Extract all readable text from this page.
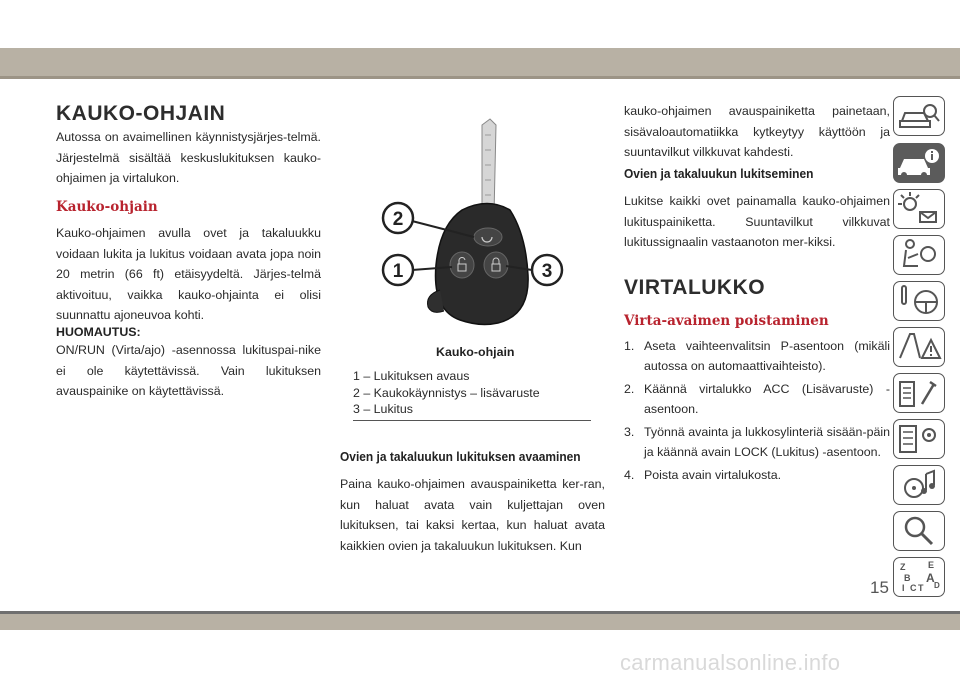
KAUKO-OHJAIN

Autossa on avaimellinen käynnistysjärjes-telmä. Järjestelmä sisältää keskuslukituksen kauko-ohjaimen ja virtalukon.

Kauko-ohjain

Kauko-ohjaimen avulla ovet ja takaluukku voidaan lukita ja lukitus voidaan avata jopa noin 20 metrin (66 ft) etäisyydeltä. Järjes-telmä aktivoituu, vaikka kauko-ohjainta ei olisi suunnattu ajoneuvoa kohti.

HUOMAUTUS:

ON/RUN (Virta/ajo) -asennossa lukituspai-nike ei ole käytettävissä. Vain lukituksen avauspainike on käytettävissä.

2
1	3

Kauko-ohjain

1 – Lukituksen avaus
2 – Kaukokäynnistys – lisävaruste
3 – Lukitus

Ovien ja takaluukun lukituksen avaaminen

Paina kauko-ohjaimen avauspainiketta ker-ran, kun haluat avata vain kuljettajan oven lukituksen, tai kaksi kertaa, kun haluat avata kaikkien ovien ja takaluukun lukituksen. Kun

kauko-ohjaimen avauspainiketta painetaan, sisävaloautomatiikka kytkeytyy käyttöön ja suuntavilkut vilkkuvat kahdesti.

Ovien ja takaluukun lukitseminen

Lukitse kaikki ovet painamalla kauko-ohjaimen lukituspainiketta. Suuntavilkut vilkkuvat lukitussignaalin vastaanoton mer-kiksi.

VIRTALUKKO

Virta-avaimen poistaminen

1. Aseta vaihteenvalitsin P-asentoon (mikäli autossa on automaattivaihteisto).
2. Käännä virtalukko ACC (Lisävaruste) -asentoon.
3. Työnnä avainta ja lukkosylinteriä sisään-päin ja käännä avain LOCK (Lukitus) -asentoon.
4. Poista avain virtalukosta.
Z	E
B A
D
I C T
15
carmanualsonline.info
